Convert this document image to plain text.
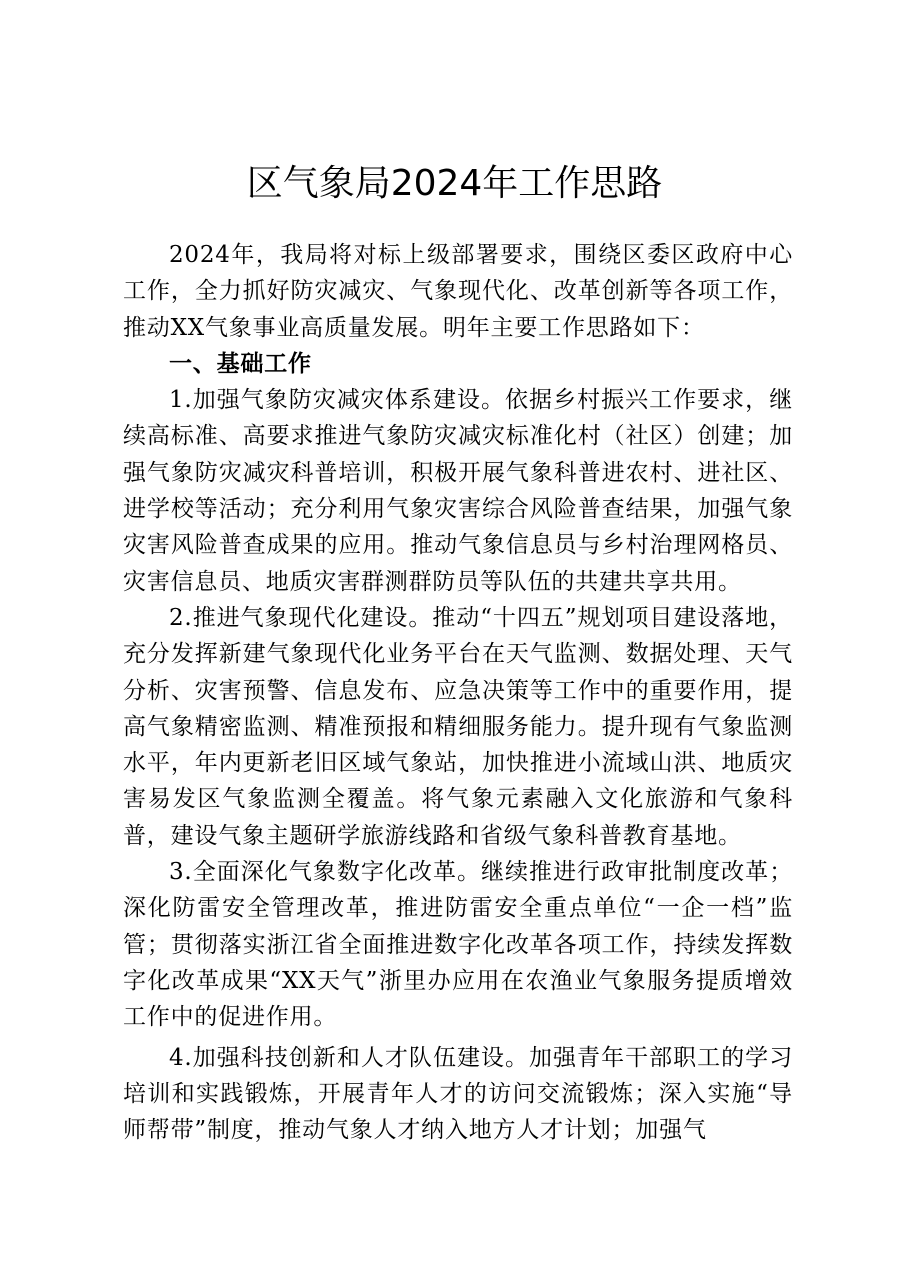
区气象局2024年工作思路

2024年，我局将对标上级部署要求，围绕区委区政府中心工作，全力抓好防灾减灾、气象现代化、改革创新等各项工作，推动XX气象事业高质量发展。明年主要工作思路如下：

一、基础工作

1.加强气象防灾减灾体系建设。依据乡村振兴工作要求，继续高标准、高要求推进气象防灾减灾标准化村（社区）创建；加强气象防灾减灾科普培训，积极开展气象科普进农村、进社区、进学校等活动；充分利用气象灾害综合风险普查结果，加强气象灾害风险普查成果的应用。推动气象信息员与乡村治理网格员、灾害信息员、地质灾害群测群防员等队伍的共建共享共用。

2.推进气象现代化建设。推动“十四五”规划项目建设落地，充分发挥新建气象现代化业务平台在天气监测、数据处理、天气分析、灾害预警、信息发布、应急决策等工作中的重要作用，提高气象精密监测、精准预报和精细服务能力。提升现有气象监测水平，年内更新老旧区域气象站，加快推进小流域山洪、地质灾害易发区气象监测全覆盖。将气象元素融入文化旅游和气象科普，建设气象主题研学旅游线路和省级气象科普教育基地。

3.全面深化气象数字化改革。继续推进行政审批制度改革；深化防雷安全管理改革，推进防雷安全重点单位“一企一档”监管；贯彻落实浙江省全面推进数字化改革各项工作，持续发挥数字化改革成果“XX天气”浙里办应用在农渔业气象服务提质增效工作中的促进作用。

4.加强科技创新和人才队伍建设。加强青年干部职工的学习培训和实践锻炼，开展青年人才的访问交流锻炼；深入实施“导师帮带”制度，推动气象人才纳入地方人才计划；加强气
